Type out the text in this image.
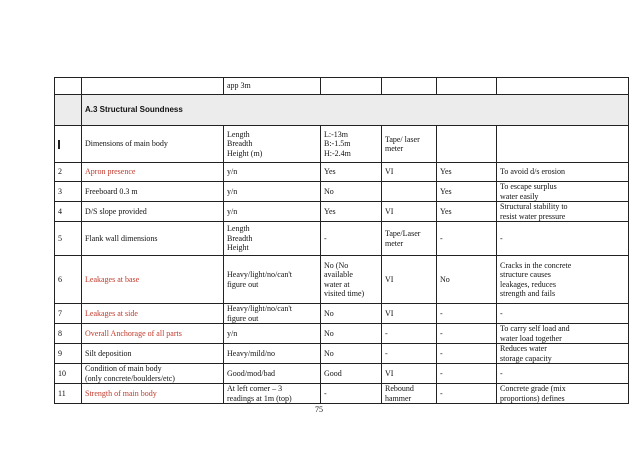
		app 3m				
	A.3 Structural Soundness					

	Dimensions of main body	Length
Breadth
Height (m)	L:-13m
B:-1.5m
H:-2.4m	Tape/ laser
meter		

2	Apron presence	y/n	Yes	VI	Yes	To avoid d/s erosion

3	Freeboard 0.3 m	y/n	No		Yes	To escape surplus
water easily

4	D/S slope provided	y/n	Yes	VI	Yes	Structural stability to
resist water pressure

5	Flank wall dimensions	Length
Breadth
Height	-	Tape/Laser
meter	-	-

6	Leakages at base	Heavy/light/no/can't
figure out	No (No
available
water at
visited time)	VI	No	Cracks in the concrete
structure causes
leakages, reduces
strength and fails

7	Leakages at side	Heavy/light/no/can't
figure out	No	VI	-	-

8	Overall Anchorage of all parts	y/n	No	-	-	To carry self load and
water load together

9	Silt deposition	Heavy/mild/no	No	-	-	Reduces water
storage capacity

10	Condition of main body
(only concrete/boulders/etc)	Good/mod/bad	Good	VI	-	-

11	Strength of main body	At left corner – 3
readings at 1m (top)	-	Rebound
hammer	-	Concrete grade (mix
proportions) defines
75
